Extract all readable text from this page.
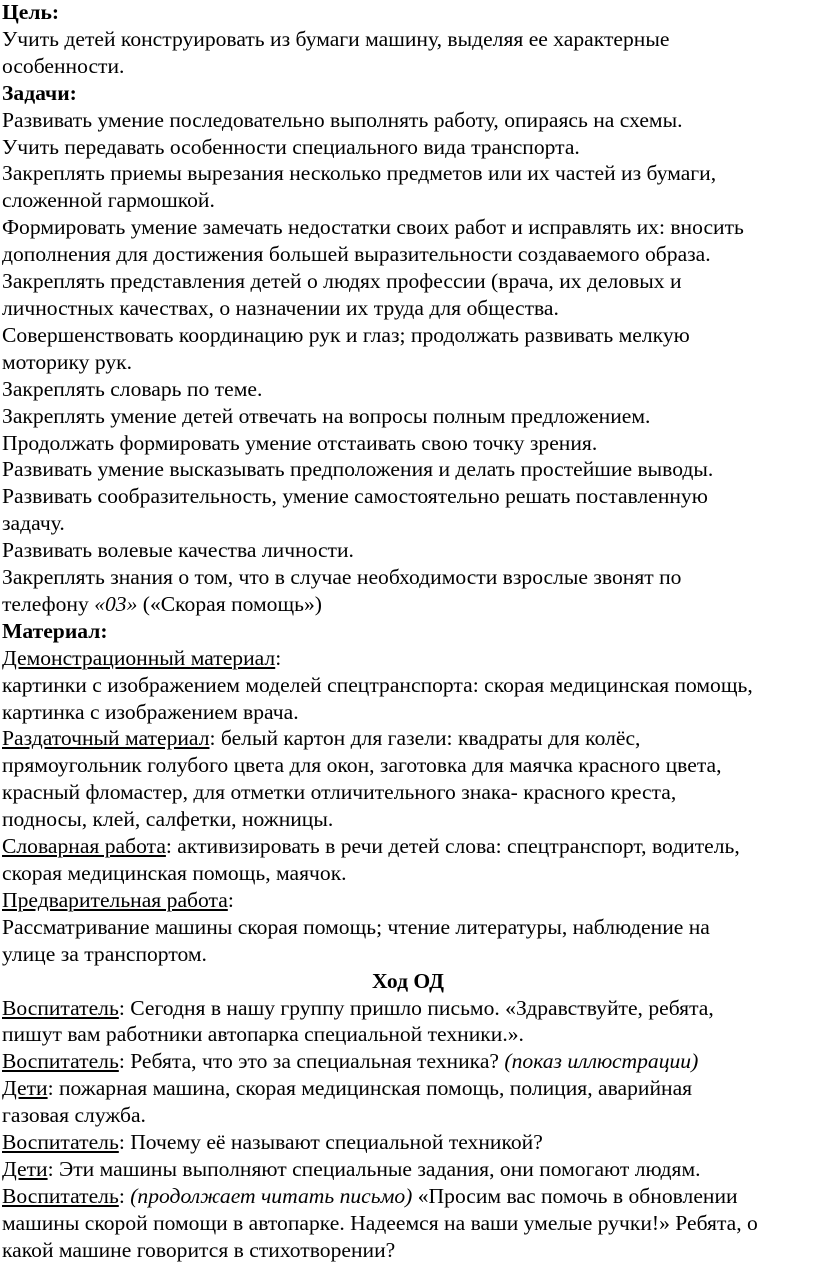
Цель:

Учить детей конструировать из бумаги машину, выделяя ее характерные

особенности.

Задачи:

Развивать умение последовательно выполнять работу, опираясь на схемы.

Учить передавать особенности специального вида транспорта.

Закреплять приемы вырезания несколько предметов или их частей из бумаги,

сложенной гармошкой.

Формировать умение замечать недостатки своих работ и исправлять их: вносить

дополнения для достижения большей выразительности создаваемого образа.

Закреплять представления детей о людях профессии (врача, их деловых и

личностных качествах, о назначении их труда для общества.

Совершенствовать координацию рук и глаз; продолжать развивать мелкую

моторику рук.

Закреплять словарь по теме.

Закреплять умение детей отвечать на вопросы полным предложением.

Продолжать формировать умение отстаивать свою точку зрения.

Развивать умение высказывать предположения и делать простейшие выводы.

Развивать сообразительность, умение самостоятельно решать поставленную

задачу.

Развивать волевые качества личности.

Закреплять знания о том, что в случае необходимости взрослые звонят по

телефону «03» («Скорая помощь»)

Материал:

Демонстрационный материал:

картинки с изображением моделей спецтранспорта: скорая медицинская помощь,

картинка с изображением врача.

Раздаточный материал: белый картон для газели: квадраты для колёс,

прямоугольник голубого цвета для окон, заготовка для маячка красного цвета,

красный фломастер, для отметки отличительного знака- красного креста,

подносы, клей, салфетки, ножницы.

Словарная работа: активизировать в речи детей слова: спецтранспорт, водитель,

скорая медицинская помощь, маячок.

Предварительная работа:

Рассматривание машины скорая помощь; чтение литературы, наблюдение на

улице за транспортом.

Ход ОД

Воспитатель: Сегодня в нашу группу пришло письмо. «Здравствуйте, ребята,

пишут вам работники автопарка специальной техники.».

Воспитатель: Ребята, что это за специальная техника? (показ иллюстрации)

Дети: пожарная машина, скорая медицинская помощь, полиция, аварийная

газовая служба.

Воспитатель: Почему её называют специальной техникой?

Дети: Эти машины выполняют специальные задания, они помогают людям.

Воспитатель: (продолжает читать письмо) «Просим вас помочь в обновлении

машины скорой помощи в автопарке. Надеемся на ваши умелые ручки!» Ребята, о

какой машине говорится в стихотворении?
